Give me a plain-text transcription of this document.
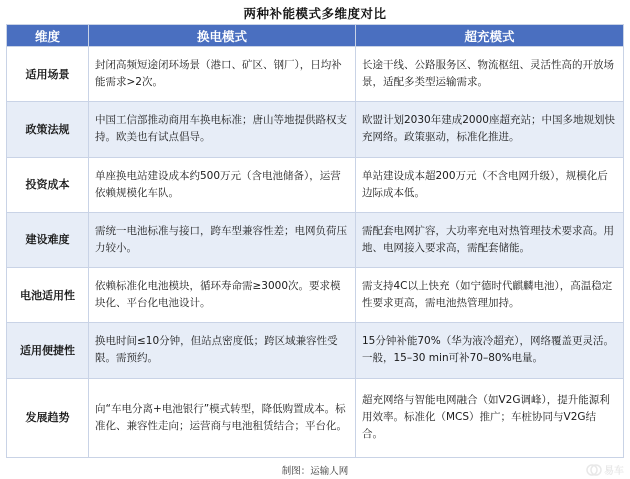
两种补能模式多维度对比
维度	换电模式	超充模式
适用场景	封闭高频短途闭环场景（港口、矿区、钢厂），日均补能需求>2次。	长途干线、公路服务区、物流枢纽、灵活性高的开放场景，适配多类型运输需求。
政策法规	中国工信部推动商用车换电标准；唐山等地提供路权支持。欧美也有试点倡导。	欧盟计划2030年建成2000座超充站；中国多地规划快充网络。政策驱动，标准化推进。
投资成本	单座换电站建设成本约500万元（含电池储备），运营依赖规模化车队。	单站建设成本超200万元（不含电网升级），规模化后边际成本低。
建设难度	需统一电池标准与接口，跨车型兼容性差；电网负荷压力较小。	需配套电网扩容，大功率充电对热管理技术要求高。用地、电网接入要求高，需配套储能。
电池适用性	依赖标准化电池模块，循环寿命需≥3000次。要求模块化、平台化电池设计。	需支持4C以上快充（如宁德时代麒麟电池），高温稳定性要求更高，需电池热管理加持。
适用便捷性	换电时间≤10分钟，但站点密度低；跨区域兼容性受限。需预约。	15分钟补能70%（华为液冷超充），网络覆盖更灵活。一般，15–30 min可补70–80%电量。
发展趋势	向“车电分离+电池银行”模式转型，降低购置成本。标准化、兼容性走向；运营商与电池租赁结合；平台化。	超充网络与智能电网融合（如V2G调峰），提升能源利用效率。标准化（MCS）推广；车桩协同与V2G结合。
制图：运输人网	易车
